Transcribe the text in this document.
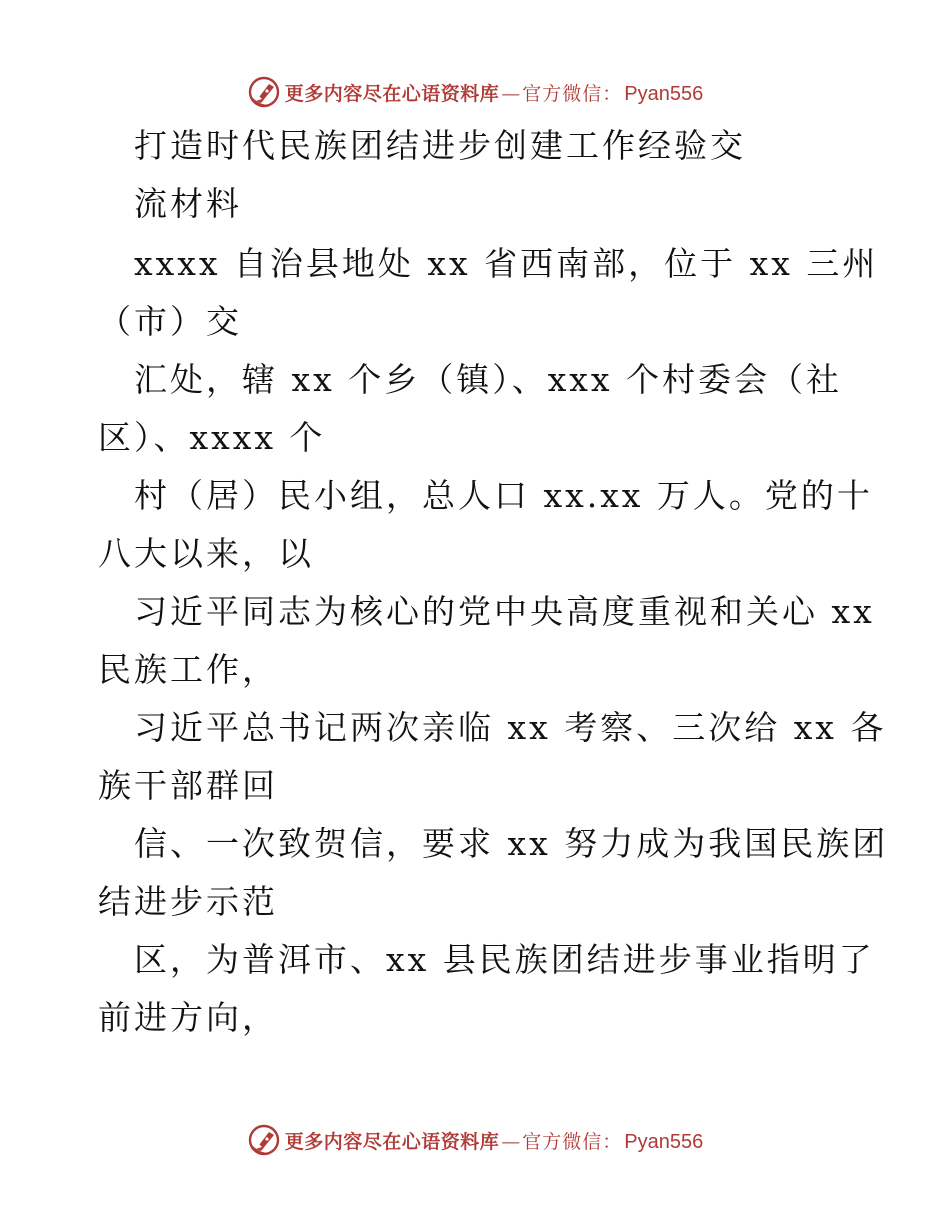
更多内容尽在心语资料库 — 官方微信： Pyan556
打造时代民族团结进步创建工作经验交
流材料
xxxx 自治县地处 xx 省西南部，位于 xx 三州
（市）交
汇处，辖 xx 个乡（镇）、xxx 个村委会（社
区）、xxxx 个
村（居）民小组，总人口 xx.xx 万人。党的十
八大以来，以
习近平同志为核心的党中央高度重视和关心 xx
民族工作，
习近平总书记两次亲临 xx 考察、三次给 xx 各
族干部群回
信、一次致贺信，要求 xx 努力成为我国民族团
结进步示范
区，为普洱市、xx 县民族团结进步事业指明了
前进方向，
更多内容尽在心语资料库 — 官方微信： Pyan556
